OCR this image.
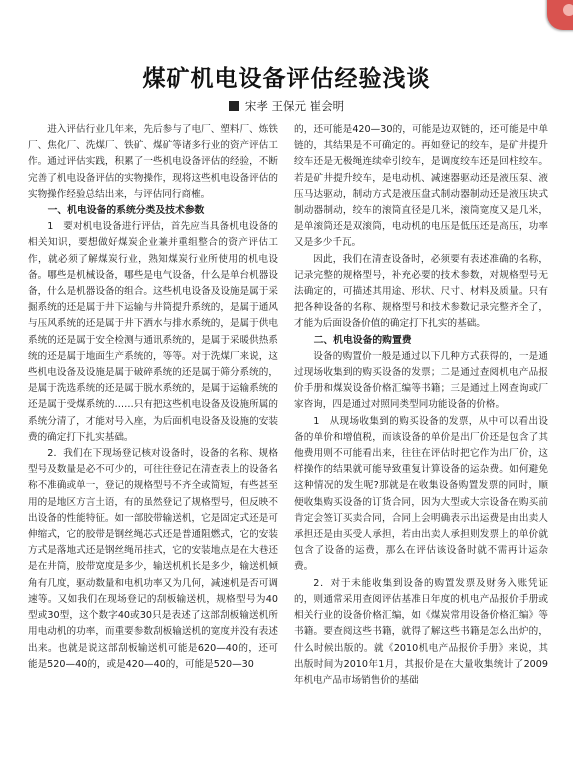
煤矿机电设备评估经验浅谈
宋孝 王保元 崔会明

进入评估行业几年来，先后参与了电厂、塑料厂、炼铁厂、焦化厂、洗煤厂、铁矿、煤矿等诸多行业的资产评估工作。通过评估实践，积累了一些机电设备评估的经验，不断完善了机电设备评估的实物操作，现将这些机电设备评估的实物操作经验总结出来，与评估同行商榷。

一、机电设备的系统分类及技术参数

1　要对机电设备进行评估，首先应当具备机电设备的相关知识，要想做好煤炭企业兼并重组整合的资产评估工作，就必须了解煤炭行业，熟知煤炭行业所使用的机电设备。哪些是机械设备，哪些是电气设备，什么是单台机器设备，什么是机器设备的组合。这些机电设备及设施是属于采掘系统的还是属于井下运输与井筒提升系统的，是属于通风与压风系统的还是属于井下洒水与排水系统的，是属于供电系统的还是属于安全检测与通讯系统的，是属于采暖供热系统的还是属于地面生产系统的，等等。对于洗煤厂来说，这些机电设备及设施是属于破碎系统的还是属于筛分系统的，是属于洗选系统的还是属于脱水系统的，是属于运输系统的还是属于受煤系统的……只有把这些机电设备及设施所属的系统分清了，才能对号入座，为后面机电设备及设施的安装费的确定打下扎实基础。

2．我们在下现场登记核对设备时，设备的名称、规格型号及数量是必不可少的，可往往登记在清查表上的设备名称不准确或单一，登记的规格型号不齐全或简短，有些甚至用的是地区方言土语，有的虽然登记了规格型号，但反映不出设备的性能特征。如一部胶带输送机，它是固定式还是可伸缩式，它的胶带是钢丝绳芯式还是普通阻燃式，它的安装方式是落地式还是钢丝绳吊挂式，它的安装地点是在大巷还是在井筒，胶带宽度是多少，输送机机长是多少，输送机倾角有几度，驱动数量和电机功率又为几何，减速机是否可调速等。又如我们在现场登记的刮板输送机，规格型号为40型或30型，这个数字40或30只是表述了这部刮板输送机所用电动机的功率，而重要参数刮板输送机的宽度并没有表述出来。也就是说这部刮板输送机可能是620—40的，还可能是520—40的，或是420—40的，可能是520—30

的，还可能是420—30的，可能是边双链的，还可能是中单链的，其结果是不可确定的。再如登记的绞车，是矿井提升绞车还是无极绳连续牵引绞车，是调度绞车还是回柱绞车。若是矿井提升绞车，是电动机、减速器驱动还是液压泵、液压马达驱动，制动方式是液压盘式制动器制动还是液压块式制动器制动，绞车的滚筒直径是几米，滚筒宽度又是几米，是单滚筒还是双滚筒，电动机的电压是低压还是高压，功率又是多少千瓦。

因此，我们在清查设备时，必须要有表述准确的名称，记录完整的规格型号，补充必要的技术参数，对规格型号无法确定的，可描述其用途、形状、尺寸、材料及质量。只有把各种设备的名称、规格型号和技术参数记录完整齐全了，才能为后面设备价值的确定打下扎实的基础。

二、机电设备的购置费

设备的购置价一般是通过以下几种方式获得的，一是通过现场收集到的购买设备的发票；二是通过查阅机电产品报价手册和煤炭设备价格汇编等书籍；三是通过上网查询或厂家咨询，四是通过对照同类型同功能设备的价格。

1　从现场收集到的购买设备的发票，从中可以看出设备的单价和增值税，而该设备的单价是出厂价还是包含了其他费用则不可能看出来，往往在评估时把它作为出厂价，这样操作的结果就可能导致重复计算设备的运杂费。如何避免这种情况的发生呢?那就是在收集设备购置发票的同时，顺便收集购买设备的订货合同，因为大型或大宗设备在购买前肯定会签订买卖合同，合同上会明确表示出运费是由出卖人承担还是由买受人承担，若由出卖人承担则发票上的单价就包含了设备的运费，那么在评估该设备时就不需再计运杂费。

2．对于未能收集到设备的购置发票及财务入账凭证的，则通常采用查阅评估基准日年度的机电产品报价手册或相关行业的设备价格汇编，如《煤炭常用设备价格汇编》等书籍。要查阅这些书籍，就得了解这些书籍是怎么出炉的，什么时候出版的。就《2010机电产品报价手册》来说，其出版时间为2010年1月，其报价是在大量收集统计了2009年机电产品市场销售价的基础
